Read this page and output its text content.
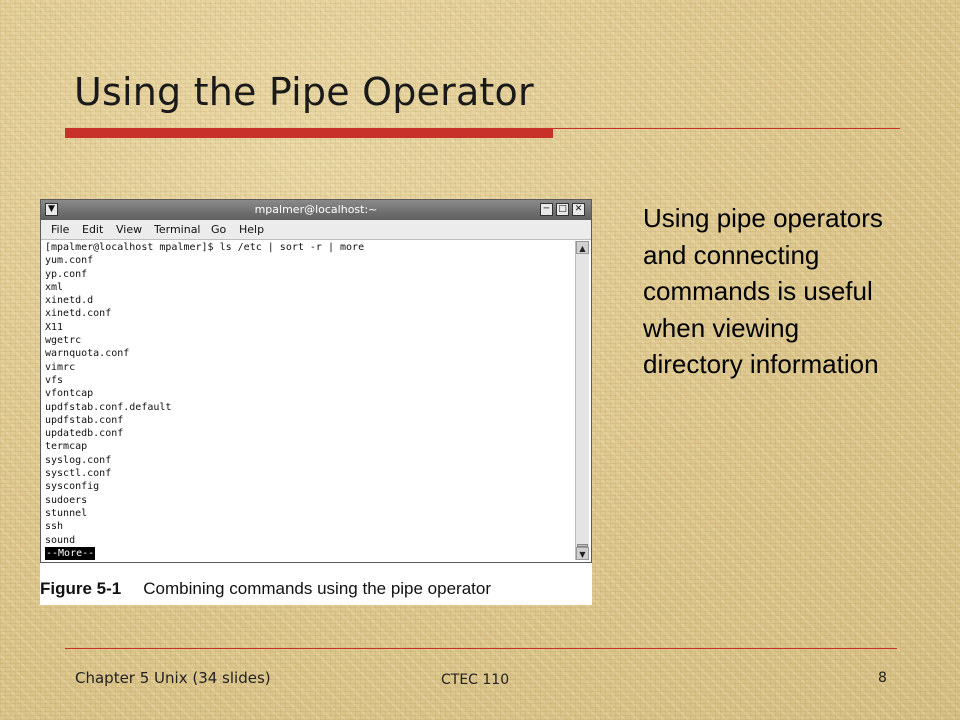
Using the Pipe Operator
▼	mpalmer@localhost:~	─	□ ✕
File Edit View Terminal Go Help
[mpalmer@localhost mpalmer]$ ls /etc | sort -r | more
yum.conf
yp.conf
xml
xinetd.d
xinetd.conf
X11
wgetrc
warnquota.conf
vimrc
vfs
vfontcap
updfstab.conf.default
updfstab.conf
updatedb.conf
termcap
syslog.conf
sysctl.conf
sysconfig
sudoers
stunnel
ssh
sound
--More--
▲
▼
Figure 5-1 Combining commands using the pipe operator

Using pipe operators and connecting commands is useful when viewing directory information

Chapter 5 Unix (34 slides)	CTEC 110	8
